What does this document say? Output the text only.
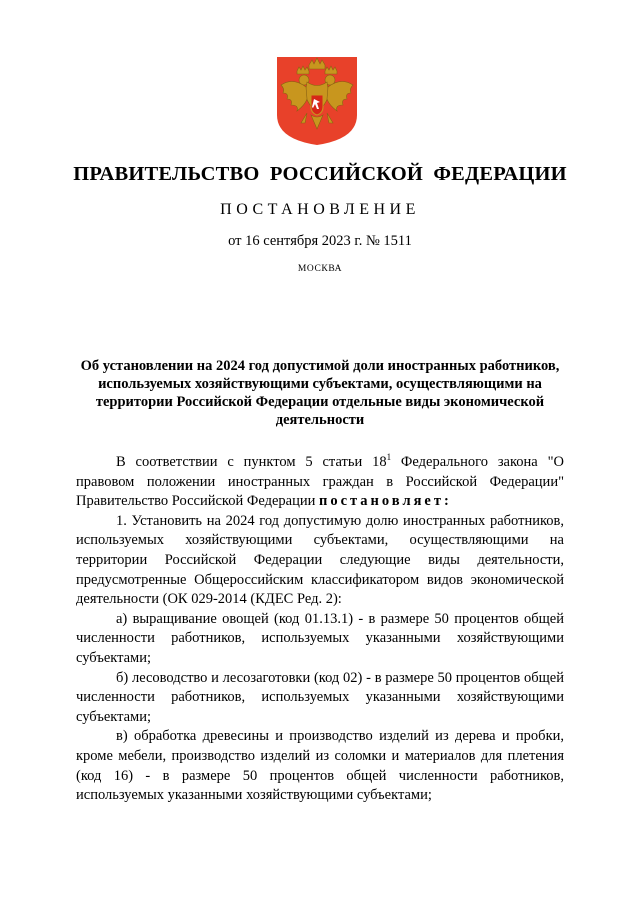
ПРАВИТЕЛЬСТВО РОССИЙСКОЙ ФЕДЕРАЦИИ
ПОСТАНОВЛЕНИЕ
от 16 сентября 2023 г. № 1511
МОСКВА
Об установлении на 2024 год допустимой доли иностранных работников, используемых хозяйствующими субъектами, осуществляющими на территории Российской Федерации отдельные виды экономической деятельности

В соответствии с пунктом 5 статьи $18^1$ Федерального закона "О правовом положении иностранных граждан в Российской Федерации" Правительство Российской Федерации постановляет:

1. Установить на 2024 год допустимую долю иностранных работников, используемых хозяйствующими субъектами, осуществляющими на территории Российской Федерации следующие виды деятельности, предусмотренные Общероссийским классификатором видов экономической деятельности (ОК 029-2014 (КДЕС Ред. 2):

а) выращивание овощей (код 01.13.1) - в размере 50 процентов общей численности работников, используемых указанными хозяйствующими субъектами;

б) лесоводство и лесозаготовки (код 02) - в размере 50 процентов общей численности работников, используемых указанными хозяйствующими субъектами;

в) обработка древесины и производство изделий из дерева и пробки, кроме мебели, производство изделий из соломки и материалов для плетения (код 16) - в размере 50 процентов общей численности работников, используемых указанными хозяйствующими субъектами;
